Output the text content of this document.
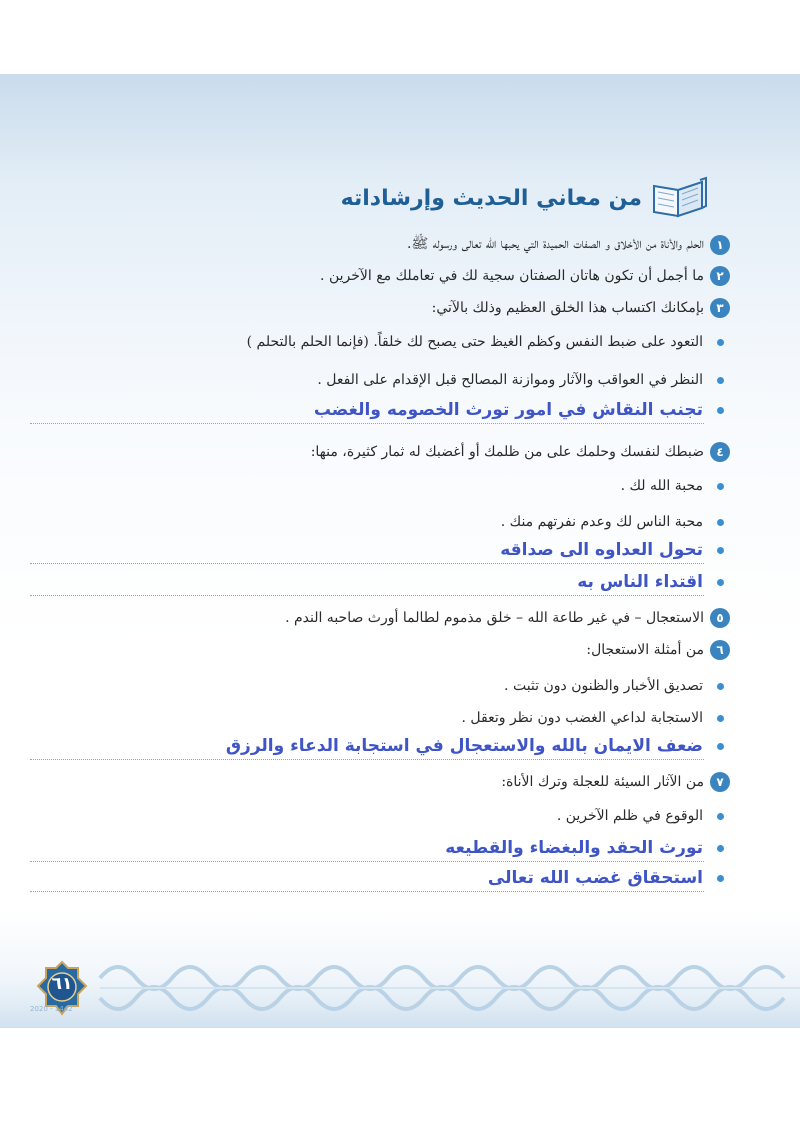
من معاني الحديث وإرشاداته
١
الحلم والأناة من الأخلاق و الصفات الحميدة التي يحبها الله تعالى ورسوله ﷺ.
٢
ما أجمل أن تكون هاتان الصفتان سجية لك في تعاملك مع الآخرين .
٣
بإمكانك اكتساب هذا الخلق العظيم وذلك بالآتي:
التعود على ضبط النفس وكظم الغيظ حتى يصبح لك خلقاً. (فإنما الحلم بالتحلم )
النظر في العواقب والآثار وموازنة المصالح قبل الإقدام على الفعل .
تجنب النقاش في امور تورث الخصومه والغضب
٤
ضبطك لنفسك وحلمك على من ظلمك أو أغضبك له ثمار كثيرة، منها:
محبة الله لك .
محبة الناس لك وعدم نفرتهم منك .
تحول العداوه الى صداقه
اقتداء الناس به
٥
الاستعجال – في غير طاعة الله – خلق مذموم لطالما أورث صاحبه الندم .
٦
من أمثلة الاستعجال:
تصديق الأخبار والظنون دون تثبت .
الاستجابة لداعي الغضب دون نظر وتعقل .
ضعف الايمان بالله والاستعجال في استجابة الدعاء والرزق
٧
من الآثار السيئة للعجلة وترك الأناة:
الوقوع في ظلم الآخرين .
تورث الحقد والبغضاء والقطيعه
استحقاق غضب الله تعالى
٦١
2020 - 1442
